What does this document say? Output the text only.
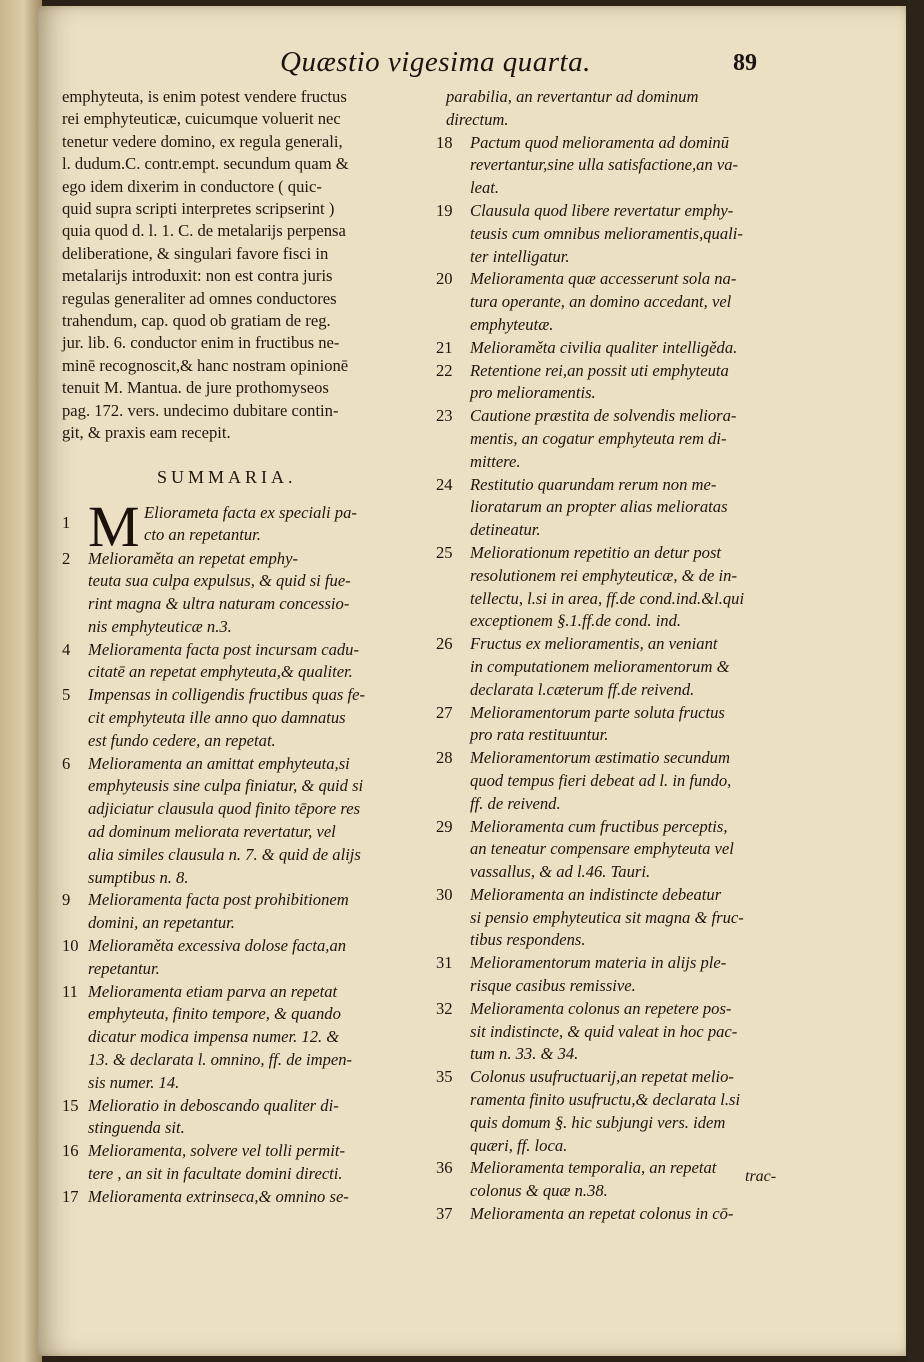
Quæstio vigesima quarta.	89

emphyteuta, is enim potest vendere fructus
rei emphyteuticæ, cuicumque voluerit nec
tenetur vedere domino, ex regula generali,
l. dudum.C. contr.empt. secundum quam &
ego idem dixerim in conductore ( quic-
quid supra scripti interpretes scripserint )
quia quod d. l. 1. C. de metalarijs perpensa
deliberatione, & singulari favore fisci in
metalarijs introduxit: non est contra juris
regulas generaliter ad omnes conductores
trahendum, cap. quod ob gratiam de reg.
jur. lib. 6. conductor enim in fructibus ne-
minē recognoscit,& hanc nostram opinionē
tenuit M. Mantua. de jure prothomyseos
pag. 172. vers. undecimo dubitare contin-
git, & praxis eam recepit.

SUMMARIA.
1 M Eliorameta facta ex speciali pa-
cto an repetantur.
2	Melioraměta an repetat emphy-
teuta sua culpa expulsus, & quid si fue-
rint magna & ultra naturam concessio-
nis emphyteuticæ n.3.
4	Melioramenta facta post incursam cadu-
citatē an repetat emphyteuta,& qualiter.
5	Impensas in colligendis fructibus quas fe-
cit emphyteuta ille anno quo damnatus
est fundo cedere, an repetat.
6	Melioramenta an amittat emphyteuta,si
emphyteusis sine culpa finiatur, & quid si
adjiciatur clausula quod finito tēpore res
ad dominum meliorata revertatur, vel
alia similes clausula n. 7. & quid de alijs
sumptibus n. 8.
9	Melioramenta facta post prohibitionem
domini, an repetantur.
10 Melioraměta excessiva dolose facta,an
repetantur.
11 Melioramenta etiam parva an repetat
emphyteuta, finito tempore, & quando
dicatur modica impensa numer. 12. &
13. & declarata l. omnino, ff. de impen-
sis numer. 14.
15 Melioratio in deboscando qualiter di-
stinguenda sit.
16 Melioramenta, solvere vel tolli permit-
tere , an sit in facultate domini directi.
17 Melioramenta extrinseca,& omnino se-

parabilia, an revertantur ad dominum
directum.

18	Pactum quod melioramenta ad dominū
revertantur,sine ulla satisfactione,an va-
leat.
19	Clausula quod libere revertatur emphy-
teusis cum omnibus melioramentis,quali-
ter intelligatur.
20	Melioramenta quæ accesserunt sola na-
tura operante, an domino accedant, vel
emphyteutæ.
21	Melioraměta civilia qualiter intelligěda.
22	Retentione rei,an possit uti emphyteuta
pro melioramentis.
23	Cautione præstita de solvendis meliora-
mentis, an cogatur emphyteuta rem di-
mittere.
24	Restitutio quarundam rerum non me-
lioratarum an propter alias melioratas
detineatur.
25	Meliorationum repetitio an detur post
resolutionem rei emphyteuticæ, & de in-
tellectu, l.si in area, ff.de cond.ind.&l.qui
exceptionem §.1.ff.de cond. ind.
26	Fructus ex melioramentis, an veniant
in computationem melioramentorum &
declarata l.cæterum ff.de reivend.
27	Melioramentorum parte soluta fructus
pro rata restituuntur.
28	Melioramentorum æstimatio secundum
quod tempus fieri debeat ad l. in fundo,
ff. de reivend.
29	Melioramenta cum fructibus perceptis,
an teneatur compensare emphyteuta vel
vassallus, & ad l.46. Tauri.
30	Melioramenta an indistincte debeatur
si pensio emphyteutica sit magna & fruc-
tibus respondens.
31	Melioramentorum materia in alijs ple-
risque casibus remissive.
32	Melioramenta colonus an repetere pos-
sit indistincte, & quid valeat in hoc pac-
tum n. 33. & 34.
35	Colonus usufructuarij,an repetat melio-
ramenta finito usufructu,& declarata l.si
quis domum §. hic subjungi vers. idem
quæri, ff. loca.
36	Melioramenta temporalia, an repetat
colonus & quæ n.38.
37	Melioramenta an repetat colonus in cō-
trac-
